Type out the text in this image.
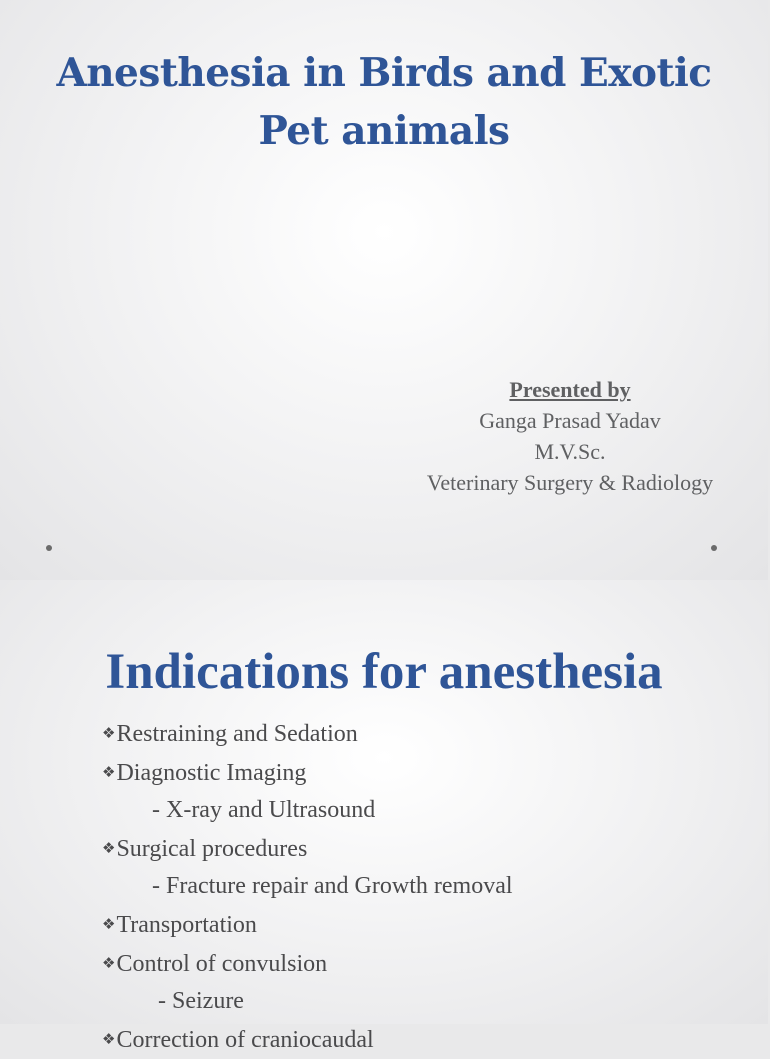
Anesthesia in Birds and Exotic
Pet animals
Presented by
Ganga Prasad Yadav
M.V.Sc.
Veterinary Surgery & Radiology
Indications for anesthesia
❖Restraining and Sedation
❖Diagnostic Imaging
- X-ray and Ultrasound
❖Surgical procedures
- Fracture repair and Growth removal
❖Transportation
❖Control of convulsion
- Seizure
❖Correction of craniocaudal
